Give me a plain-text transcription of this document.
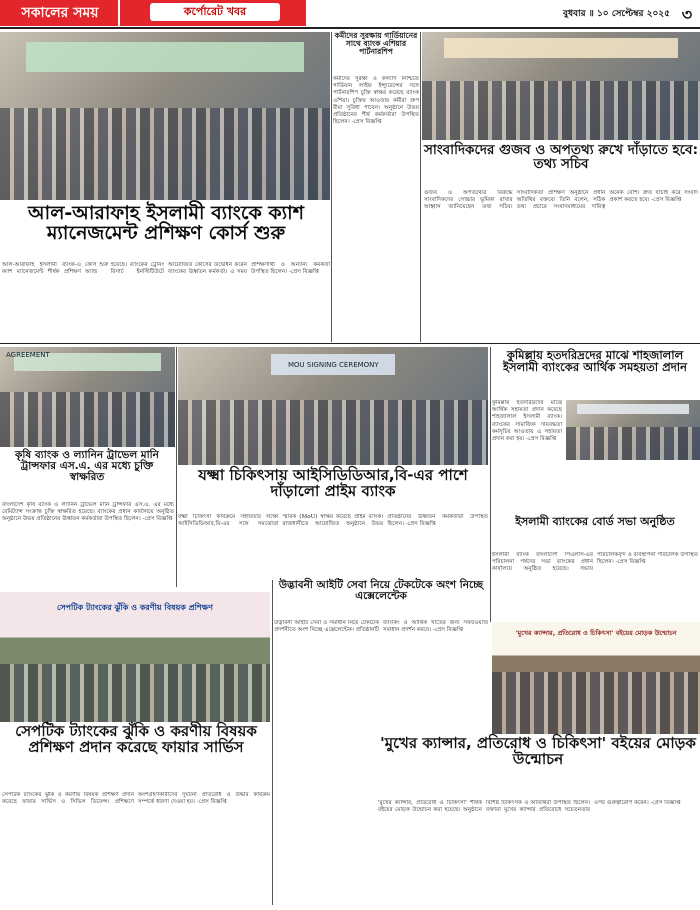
সকালের সময়	কর্পোরেট খবর	বুধবার ॥ ১০ সেপ্টেম্বর ২০২৫ ৩
আল-আরাফাহ ইসলামী ব্যাংকে ক্যাশ ম্যানেজমেন্ট প্রশিক্ষণ কোর্স শুরু
আল-আরাফাহ ইসলামী ব্যাংক-এ ক্যাশ ম্যানেজমেন্ট শীর্ষক প্রশিক্ষণ কোর্স শুরু হয়েছে। ব্যাংকের ট্রেনিং অ্যান্ড রিসার্চ ইনস্টিটিউটে আয়োজিত কোর্সের উদ্বোধন করেন ব্যাংকের ঊর্ধ্বতন কর্মকর্তা। এ সময় প্রশিক্ষণার্থী ও অন্যান্য কর্মকর্তা উপস্থিত ছিলেন। -প্রেস বিজ্ঞপ্তি
কমীদের সুরক্ষায় গার্ডিয়ানের সাথে ব্যাংক এশিয়ার পার্টনারশিপ
কর্মীদের সুরক্ষা ও কল্যাণ নিশ্চিতে গার্ডিয়ান লাইফ ইন্স্যুরেন্সের সঙ্গে পার্টনারশিপ চুক্তি স্বাক্ষর করেছে ব্যাংক এশিয়া। চুক্তির আওতায় কর্মীরা গ্রুপ বীমা সুবিধা পাবেন। অনুষ্ঠানে উভয় প্রতিষ্ঠানের শীর্ষ কর্মকর্তারা উপস্থিত ছিলেন। -প্রেস বিজ্ঞপ্তি
সাংবাদিকদের গুজব ও অপতথ্য রুখে দাঁড়াতে হবে: তথ্য সচিব
গুজব ও অপতথ্যের বিরুদ্ধে সাংবাদিকদের সোচ্চার ভূমিকা রাখার আহ্বান জানিয়েছেন তথ্য সচিব। সাংবাদিকতা প্রশিক্ষণ অনুষ্ঠানে প্রধান অতিথির বক্তব্যে তিনি বলেন, সঠিক তথ্য প্রচারে সংবাদমাধ্যমের দায়িত্ব অনেক বেশি। দ্রুত যাচাই করে সংবাদ প্রকাশ করতে হবে। -প্রেস বিজ্ঞপ্তি
AGREEMENT
কৃষি ব্যাংক ও ল্যানিন ট্রাভেল মানি ট্রান্সফার এস.এ. এর মধ্যে চুক্তি স্বাক্ষরিত
বাংলাদেশ কৃষি ব্যাংক ও ল্যানিন ট্রাভেল মানি ট্রান্সফার এস.এ. এর মধ্যে রেমিট্যান্স সংক্রান্ত চুক্তি স্বাক্ষরিত হয়েছে। ব্যাংকের প্রধান কার্যালয়ে অনুষ্ঠিত অনুষ্ঠানে উভয় প্রতিষ্ঠানের ঊর্ধ্বতন কর্মকর্তারা উপস্থিত ছিলেন। -প্রেস বিজ্ঞপ্তি
MOU SIGNING CEREMONY
যক্ষ্মা চিকিৎসায় আইসিডিডিআর,বি-এর পাশে দাঁড়ালো প্রাইম ব্যাংক
কুমিল্লায় হতদরিদ্রদের মাঝে শাহজালাল ইসলামী ব্যাংকের আর্থিক সমহয়তা প্রদান
কুমিল্লায় হতদরিদ্রদের মাঝে আর্থিক সহায়তা প্রদান করেছে শাহজালাল ইসলামী ব্যাংক। ব্যাংকের সামাজিক দায়বদ্ধতা কর্মসূচির আওতায় এ সহায়তা প্রদান করা হয়। -প্রেস বিজ্ঞপ্তি
ইসলামী ব্যাংকের বোর্ড সভা অনুষ্ঠিত
ইসলামী ব্যাংক বাংলাদেশ পিএলসি-এর পরিচালনা পর্ষদের সভা ব্যাংকের প্রধান কার্যালয়ে অনুষ্ঠিত হয়েছে। সভায় পরিচালকবৃন্দ ও ব্যবস্থাপনা পরিচালক উপস্থিত ছিলেন। -প্রেস বিজ্ঞপ্তি
যক্ষ্মা চিকিৎসা কার্যক্রমে সহায়তার লক্ষ্যে আইসিডিডিআর,বি-এর সঙ্গে সমঝোতা স্মারক (MoU) স্বাক্ষর করেছে প্রাইম ব্যাংক। রাজধানীতে আয়োজিত অনুষ্ঠানে উভয় প্রতিষ্ঠানের ঊর্ধ্বতন কর্মকর্তারা উপস্থিত ছিলেন। -প্রেস বিজ্ঞপ্তি
উদ্ভাবনী আইটি সেবা নিয়ে টেকটেকে অংশ নিচ্ছে এক্সেলেন্টেক
উদ্ভাবনী আইটি সেবা ও সমাধান নিয়ে টেকটেক প্রদর্শনীতে অংশ নিচ্ছে এক্সেলেন্টেক। প্রতিষ্ঠানটি ব্যাংকিং ও আর্থিক খাতের জন্য সফটওয়্যার সমাধান প্রদর্শন করবে। -প্রেস বিজ্ঞপ্তি
সেপটিক ট্যাংকের ঝুঁকি ও করণীয় বিষয়ক প্রশিক্ষণ
সেপটিক ট্যাংকের ঝুঁকি ও করণীয় বিষয়ক প্রশিক্ষণ প্রদান করেছে ফায়ার সার্ভিস
সেপটিক ট্যাংকের ঝুঁকি ও করণীয় বিষয়ক প্রশিক্ষণ প্রদান করেছে ফায়ার সার্ভিস ও সিভিল ডিফেন্স। প্রশিক্ষণে অংশগ্রহণকারীদের দুর্ঘটনা প্রতিরোধ ও উদ্ধার কার্যক্রম সম্পর্কে ধারণা দেওয়া হয়। -প্রেস বিজ্ঞপ্তি
'মুখের ক্যান্সার, প্রতিরোধ ও চিকিৎসা' বইয়ের মোড়ক উন্মোচন
'মুখের ক্যান্সার, প্রতিরোধ ও চিকিৎসা' বইয়ের মোড়ক উন্মোচন
'মুখের ক্যান্সার, প্রতিরোধ ও চিকিৎসা' শীর্ষক বইয়ের মোড়ক উন্মোচন করা হয়েছে। অনুষ্ঠানে বিশিষ্ট চিকিৎসক ও অতিথিরা উপস্থিত ছিলেন। বক্তারা মুখের ক্যান্সার প্রতিরোধে সচেতনতার ওপর গুরুত্বারোপ করেন। -প্রেস বিজ্ঞপ্তি
